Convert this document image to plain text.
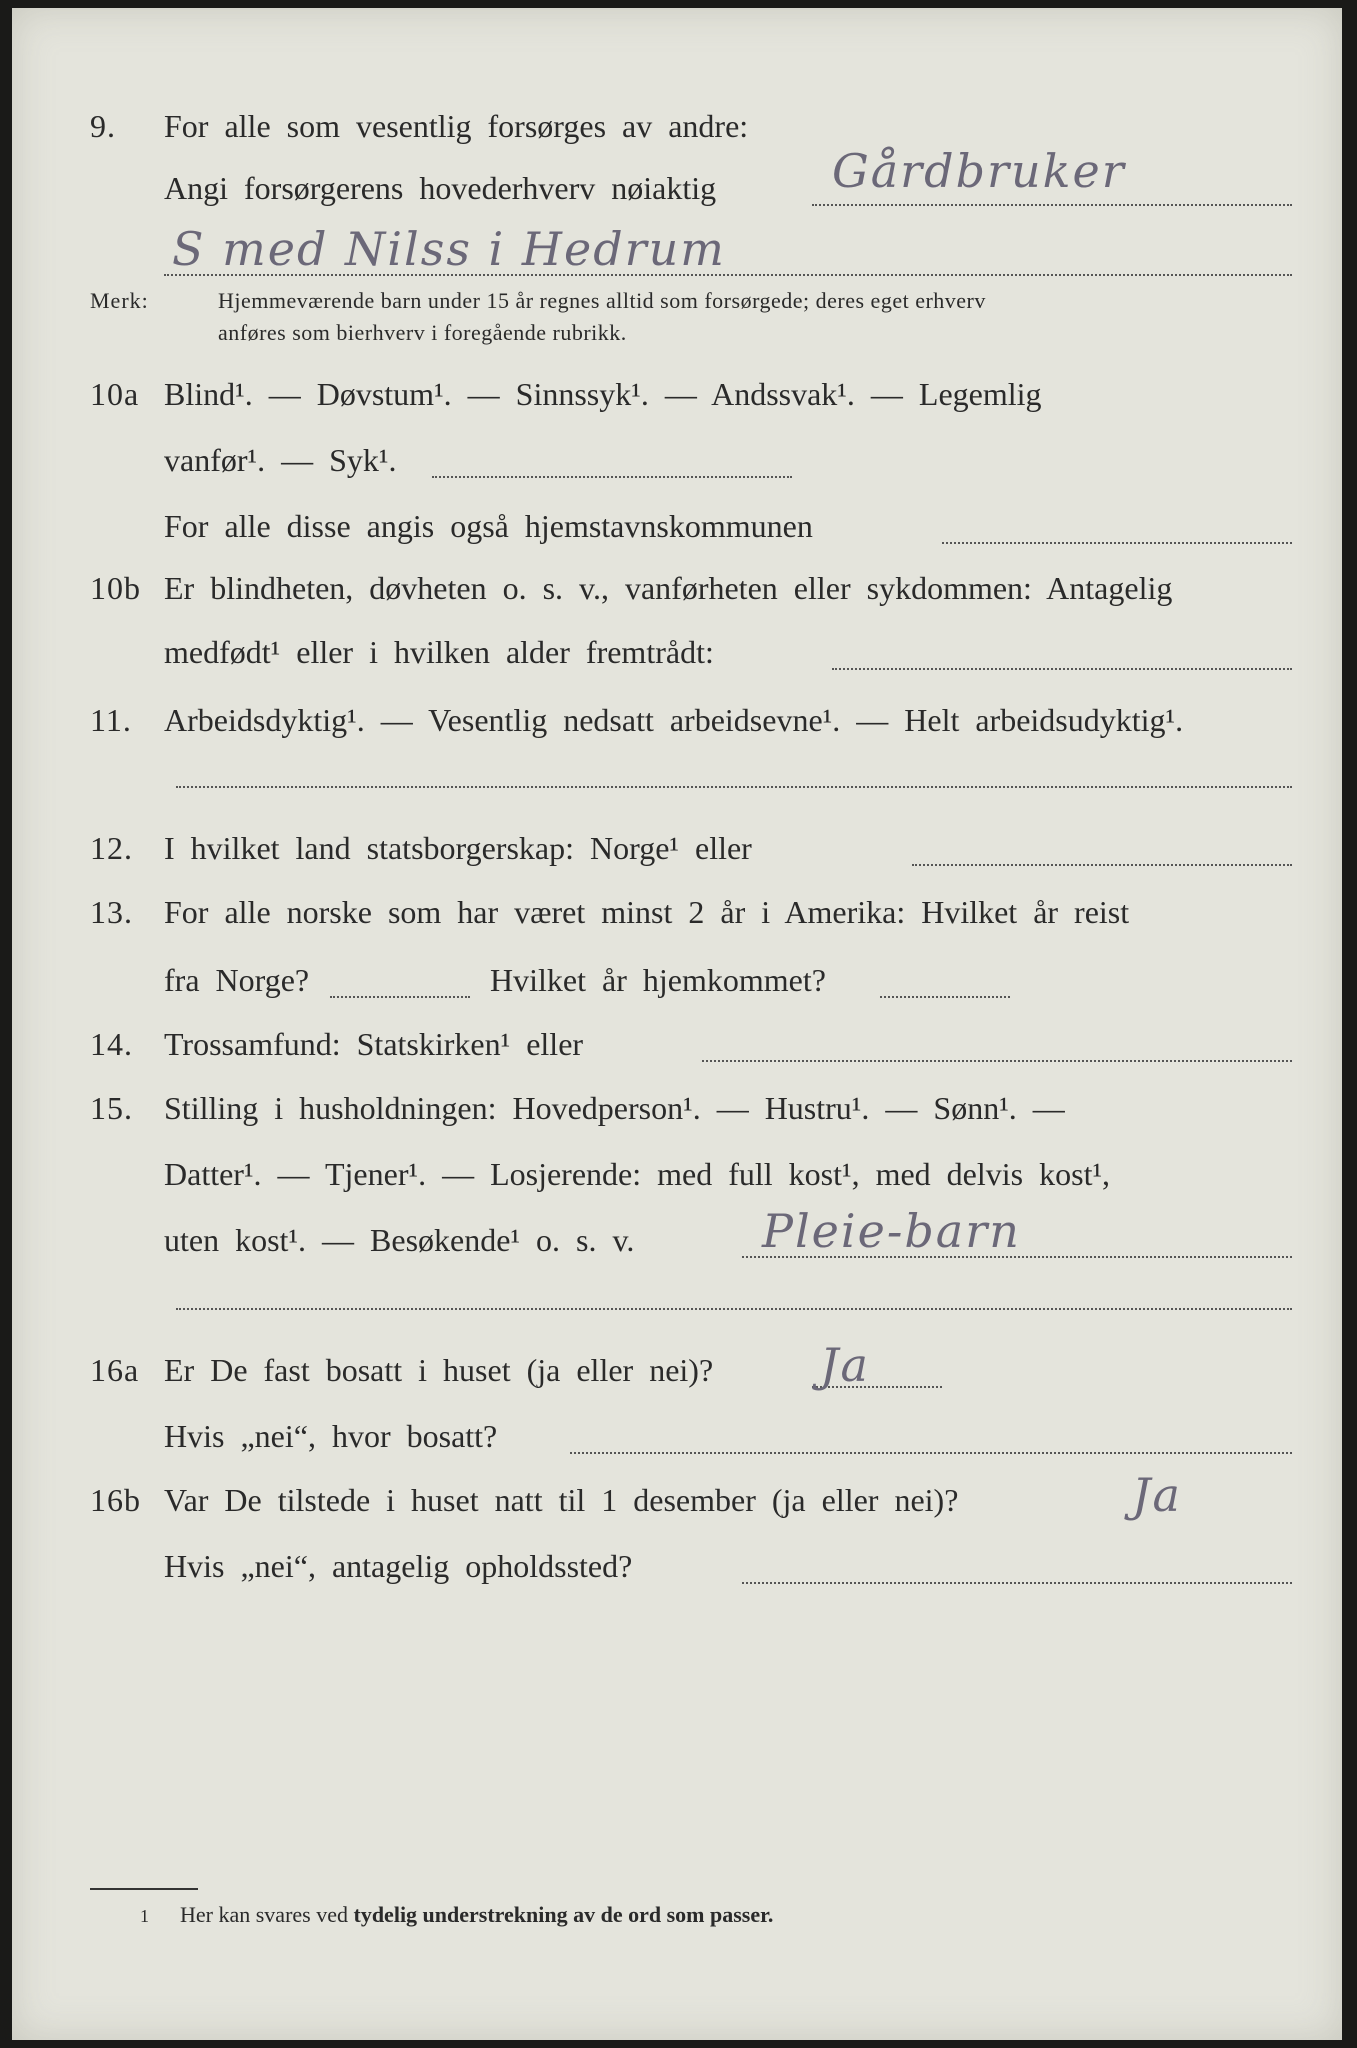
9. For alle som vesentlig forsørges av andre:
Angi forsørgerens hovederhverv nøiaktig	Gårdbruker
S med Nilss i Hedrum
Merk:	Hjemmeværende barn under 15 år regnes alltid som forsørgede; deres eget erhverv
anføres som bierhverv i foregående rubrikk.
10a Blind¹. — Døvstum¹. — Sinnssyk¹. — Andssvak¹. — Legemlig
vanfør¹. — Syk¹.
For alle disse angis også hjemstavnskommunen
10b Er blindheten, døvheten o. s. v., vanførheten eller sykdommen: Antagelig
medfødt¹ eller i hvilken alder fremtrådt:
11. Arbeidsdyktig¹. — Vesentlig nedsatt arbeidsevne¹. — Helt arbeidsudyktig¹.
12. I hvilket land statsborgerskap: Norge¹ eller
13. For alle norske som har været minst 2 år i Amerika: Hvilket år reist
fra Norge?	Hvilket år hjemkommet?
14. Trossamfund: Statskirken¹ eller
15. Stilling i husholdningen: Hovedperson¹. — Hustru¹. — Sønn¹. —
Datter¹. — Tjener¹. — Losjerende: med full kost¹, med delvis kost¹,
uten kost¹. — Besøkende¹ o. s. v.	Pleie-barn
16a Er De fast bosatt i huset (ja eller nei)? Ja
Hvis „nei“, hvor bosatt?
16b Var De tilstede i huset natt til 1 desember (ja eller nei)?	Ja
Hvis „nei“, antagelig opholdssted?
1 Her kan svares ved tydelig understrekning av de ord som passer.
